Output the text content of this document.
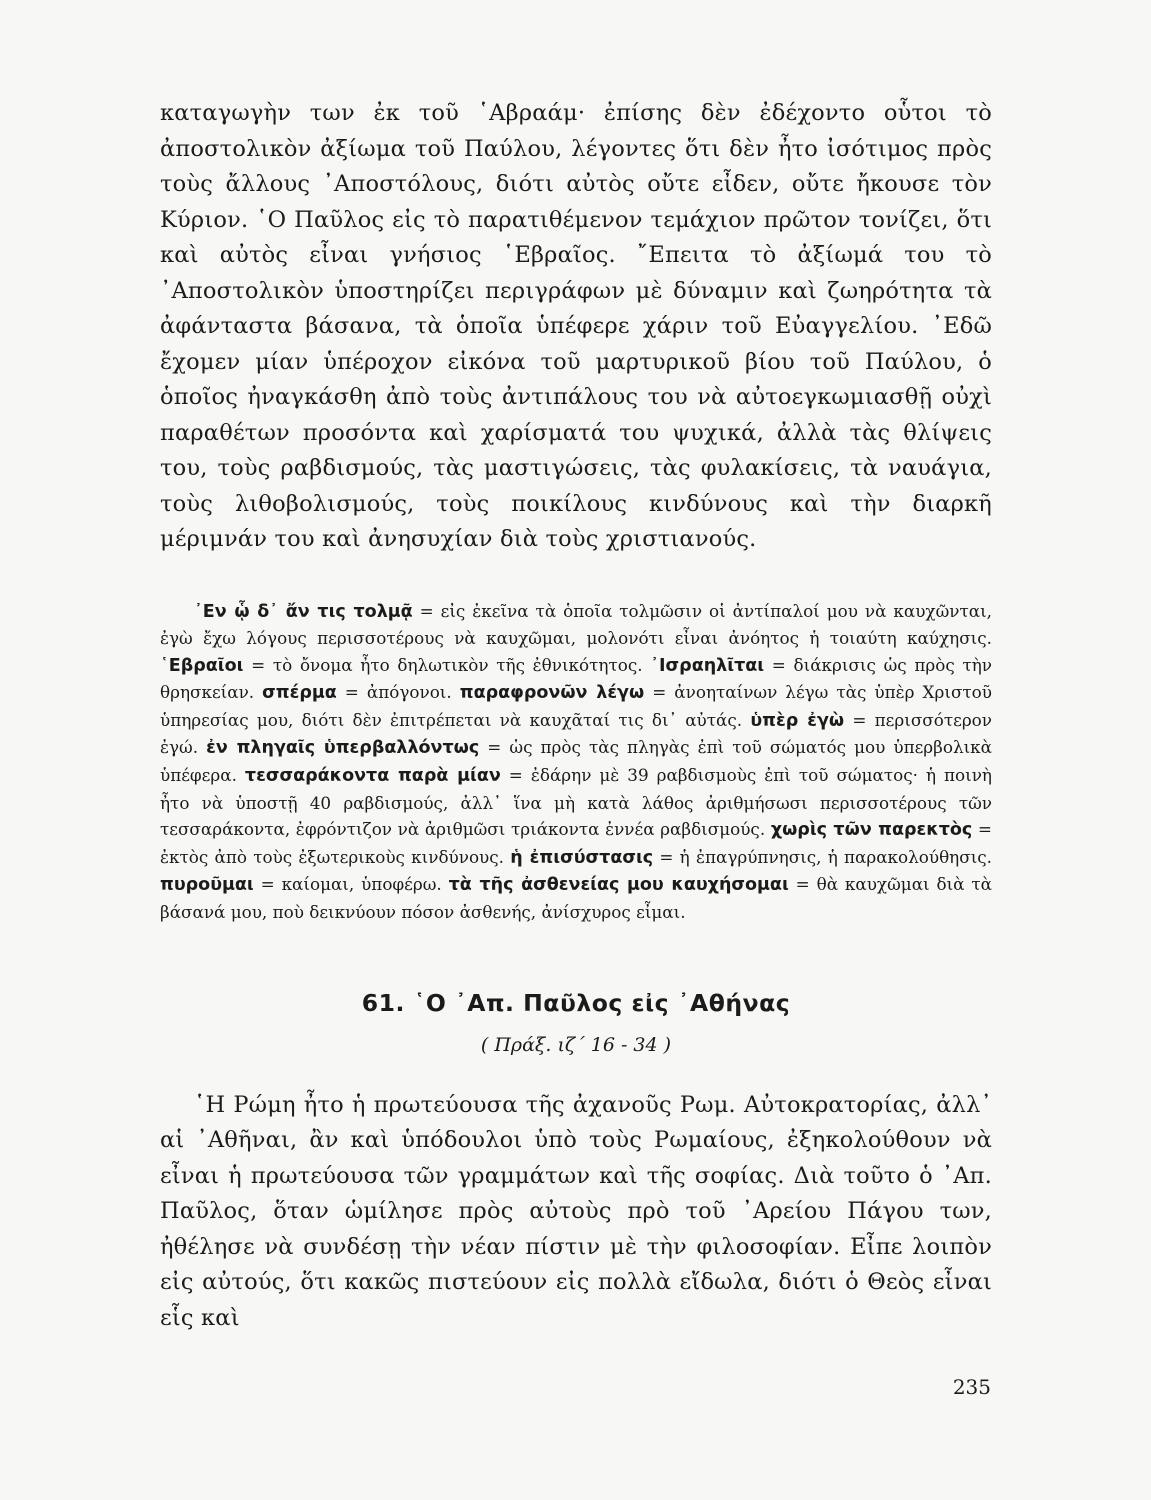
καταγωγὴν των ἐκ τοῦ ῾Αβραάμ· ἐπίσης δὲν ἐδέχοντο οὗτοι τὸ ἀποστολικὸν ἀξίωμα τοῦ Παύλου, λέγοντες ὅτι δὲν ἦτο ἰσότιμος πρὸς τοὺς ἄλλους ᾿Αποστόλους, διότι αὐτὸς οὔτε εἶδεν, οὔτε ἤκουσε τὸν Κύριον. ῾Ο Παῦλος εἰς τὸ παρατιθέμενον τεμάχιον πρῶτον τονίζει, ὅτι καὶ αὐτὸς εἶναι γνήσιος ῾Εβραῖος. ῎Επειτα τὸ ἀξίωμά του τὸ ᾿Αποστολικὸν ὑποστηρίζει περιγράφων μὲ δύναμιν καὶ ζωηρότητα τὰ ἀφάνταστα βάσανα, τὰ ὁποῖα ὑπέφερε χάριν τοῦ Εὐαγγελίου. ᾿Εδῶ ἔχομεν μίαν ὑπέροχον εἰκόνα τοῦ μαρτυρικοῦ βίου τοῦ Παύλου, ὁ ὁποῖος ἠναγκάσθη ἀπὸ τοὺς ἀντιπάλους του νὰ αὐτοεγκωμιασθῇ οὐχὶ παραθέτων προσόντα καὶ χαρίσματά του ψυχικά, ἀλλὰ τὰς θλίψεις του, τοὺς ραβδισμούς, τὰς μαστιγώσεις, τὰς φυλακίσεις, τὰ ναυάγια, τοὺς λιθοβολισμούς, τοὺς ποικίλους κινδύνους καὶ τὴν διαρκῆ μέριμνάν του καὶ ἀνησυχίαν διὰ τοὺς χριστιανούς.

᾿Εν ᾧ δ᾿ ἄν τις τολμᾷ = εἰς ἐκεῖνα τὰ ὁποῖα τολμῶσιν οἱ ἀντίπαλοί μου νὰ καυχῶνται, ἐγὼ ἔχω λόγους περισσοτέρους νὰ καυχῶμαι, μολονότι εἶναι ἀνόητος ἡ τοιαύτη καύχησις. ῾Εβραῖοι = τὸ ὄνομα ἦτο δηλωτικὸν τῆς ἐθνικότητος. ᾿Ισραηλῖται = διάκρισις ὡς πρὸς τὴν θρησκείαν. σπέρμα = ἀπόγονοι. παραφρονῶν λέγω = ἀνοηταίνων λέγω τὰς ὑπὲρ Χριστοῦ ὑπηρεσίας μου, διότι δὲν ἐπιτρέπεται νὰ καυχᾶταί τις δι᾿ αὐτάς. ὑπὲρ ἐγὼ = περισσότερον ἐγώ. ἐν πληγαῖς ὑπερβαλλόντως = ὡς πρὸς τὰς πληγὰς ἐπὶ τοῦ σώματός μου ὑπερβολικὰ ὑπέφερα. τεσσαράκοντα παρὰ μίαν = ἐδάρην μὲ 39 ραβδισμοὺς ἐπὶ τοῦ σώματος· ἡ ποινὴ ἦτο νὰ ὑποστῇ 40 ραβδισμούς, ἀλλ᾿ ἵνα μὴ κατὰ λάθος ἀριθμήσωσι περισσοτέρους τῶν τεσσαράκοντα, ἐφρόντιζον νὰ ἀριθμῶσι τριάκοντα ἐννέα ραβδισμούς. χωρὶς τῶν παρεκτὸς = ἐκτὸς ἀπὸ τοὺς ἐξωτερικοὺς κινδύνους. ἡ ἐπισύστασις = ἡ ἐπαγρύπνησις, ἡ παρακολούθησις. πυροῦμαι = καίομαι, ὑποφέρω. τὰ τῆς ἀσθενείας μου καυχήσομαι = θὰ καυχῶμαι διὰ τὰ βάσανά μου, ποὺ δεικνύουν πόσον ἀσθενής, ἀνίσχυρος εἶμαι.

61. ῾Ο ᾿Απ. Παῦλος εἰς ᾿Αθήνας
( Πράξ. ιζ΄ 16 - 34 )

῾Η Ρώμη ἦτο ἡ πρωτεύουσα τῆς ἀχανοῦς Ρωμ. Αὐτοκρατορίας, ἀλλ᾿ αἱ ᾿Αθῆναι, ἂν καὶ ὑπόδουλοι ὑπὸ τοὺς Ρωμαίους, ἐξηκολούθουν νὰ εἶναι ἡ πρωτεύουσα τῶν γραμμάτων καὶ τῆς σοφίας. Διὰ τοῦτο ὁ ᾿Απ. Παῦλος, ὅταν ὡμίλησε πρὸς αὐτοὺς πρὸ τοῦ ᾿Αρείου Πάγου των, ἠθέλησε νὰ συνδέσῃ τὴν νέαν πίστιν μὲ τὴν φιλοσοφίαν. Εἶπε λοιπὸν εἰς αὐτούς, ὅτι κακῶς πιστεύουν εἰς πολλὰ εἴδωλα, διότι ὁ Θεὸς εἶναι εἷς καὶ

235
